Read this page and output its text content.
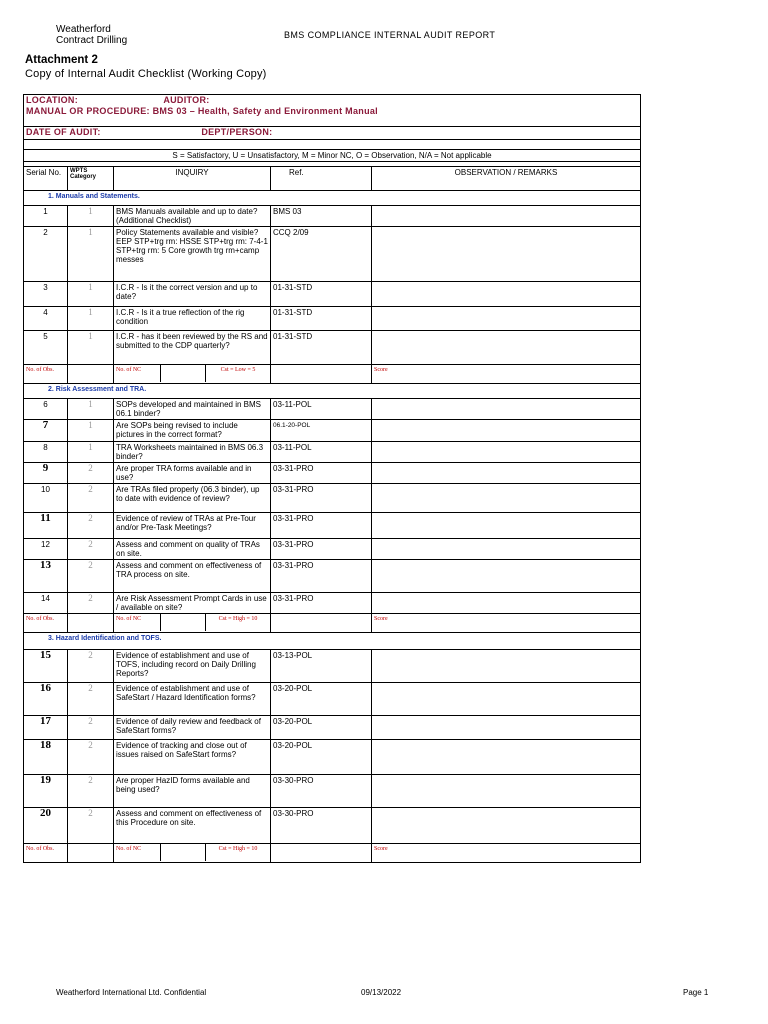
Weatherford
Contract Drilling	BMS COMPLIANCE INTERNAL AUDIT REPORT
Attachment 2
Copy of Internal Audit Checklist (Working Copy)
LOCATION: AUDITOR:				
MANUAL OR PROCEDURE: BMS 03 – Health, Safety and Environment Manual				
DATE OF AUDIT: DEPT/PERSON:				

S = Satisfactory, U = Unsatisfactory, M = Minor NC, O = Observation, N/A = Not applicable				

Serial No.	WPTS Category	INQUIRY	Ref.	OBSERVATION / REMARKS
1. Manuals and Statements.				
1	1	BMS Manuals available and up to date? (Additional Checklist)	BMS 03	
2	1	Policy Statements available and visible? EEP STP+trg rm: HSSE STP+trg rm: 7-4-1 STP+trg rm: 5 Core growth trg rm+camp messes	CCQ 2/09	
3	1	I.C.R - Is it the correct version and up to date?	01-31-STD	
4	1	I.C.R - Is it a true reflection of the rig condition	01-31-STD	
5	1	I.C.R - has it been reviewed by the RS and submitted to the CDP quarterly?	01-31-STD	
No. of Obs.		No. of NC Cst = Low = 5		Score
2. Risk Assessment and TRA.				
6	1	SOPs developed and maintained in BMS 06.1 binder?	03-11-POL	
7	1	Are SOPs being revised to include pictures in the correct format?	06.1-20-POL	
8	1	TRA Worksheets maintained in BMS 06.3 binder?	03-11-POL	
9	2	Are proper TRA forms available and in use?	03-31-PRO	
10	2	Are TRAs filed properly (06.3 binder), up to date with evidence of review?	03-31-PRO	
11	2	Evidence of review of TRAs at Pre-Tour and/or Pre-Task Meetings?	03-31-PRO	
12	2	Assess and comment on quality of TRAs on site.	03-31-PRO	
13	2	Assess and comment on effectiveness of TRA process on site.	03-31-PRO	
14	2	Are Risk Assessment Prompt Cards in use / available on site?	03-31-PRO	
No. of Obs.		No. of NC Cst = High = 10		Score
3. Hazard Identification and TOFS.				
15	2	Evidence of establishment and use of TOFS, including record on Daily Drilling Reports?	03-13-POL	
16	2	Evidence of establishment and use of SafeStart / Hazard Identification forms?	03-20-POL	
17	2	Evidence of daily review and feedback of SafeStart forms?	03-20-POL	
18	2	Evidence of tracking and close out of issues raised on SafeStart forms?	03-20-POL	
19	2	Are proper HazID forms available and being used?	03-30-PRO	
20	2	Assess and comment on effectiveness of this Procedure on site.	03-30-PRO	
No. of Obs.		No. of NC Cst = High = 10		Score
Weatherford International Ltd. Confidential	09/13/2022	Page 1
